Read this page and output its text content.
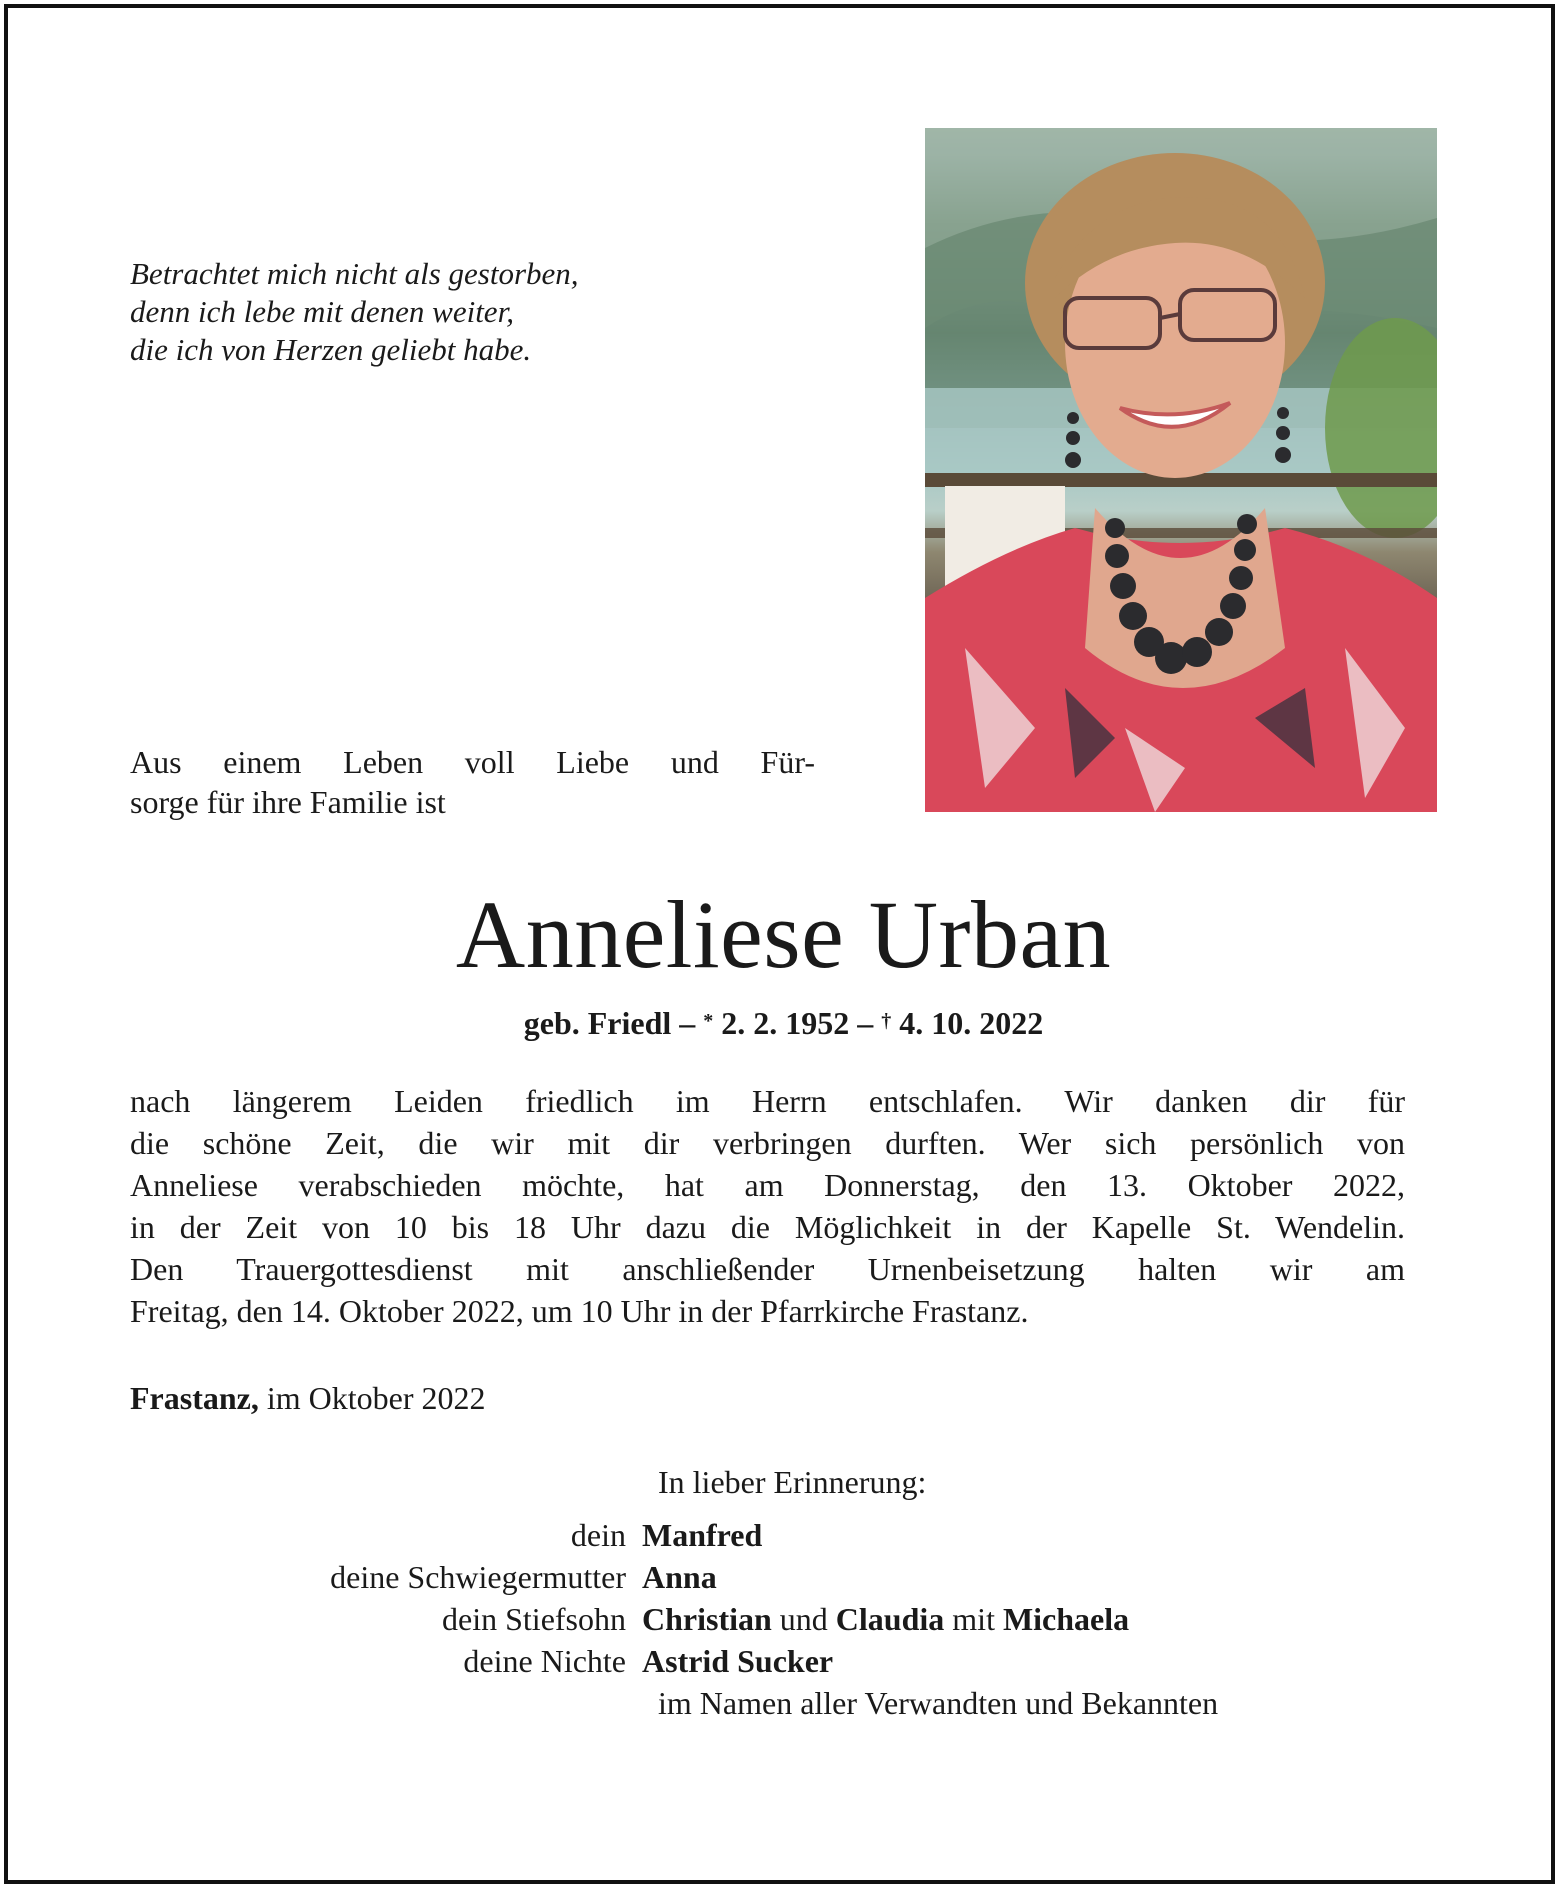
Betrachtet mich nicht als gestorben,
denn ich lebe mit denen weiter,
die ich von Herzen geliebt habe.
Aus einem Leben voll Liebe und Für-
sorge für ihre Familie ist
Anneliese Urban
geb. Friedl – * 2. 2. 1952 – † 4. 10. 2022
nach längerem Leiden friedlich im Herrn entschlafen. Wir danken dir für
die schöne Zeit, die wir mit dir verbringen durften. Wer sich persönlich von
Anneliese verabschieden möchte, hat am Donnerstag, den 13. Oktober 2022,
in der Zeit von 10 bis 18 Uhr dazu die Möglichkeit in der Kapelle St. Wendelin.
Den Trauergottesdienst mit anschließender Urnenbeisetzung halten wir am
Freitag, den 14. Oktober 2022, um 10 Uhr in der Pfarrkirche Frastanz.
Frastanz, im Oktober 2022
In lieber Erinnerung:
dein Manfred
deine Schwiegermutter Anna
dein Stiefsohn Christian und Claudia mit Michaela
deine Nichte Astrid Sucker
im Namen aller Verwandten und Bekannten
